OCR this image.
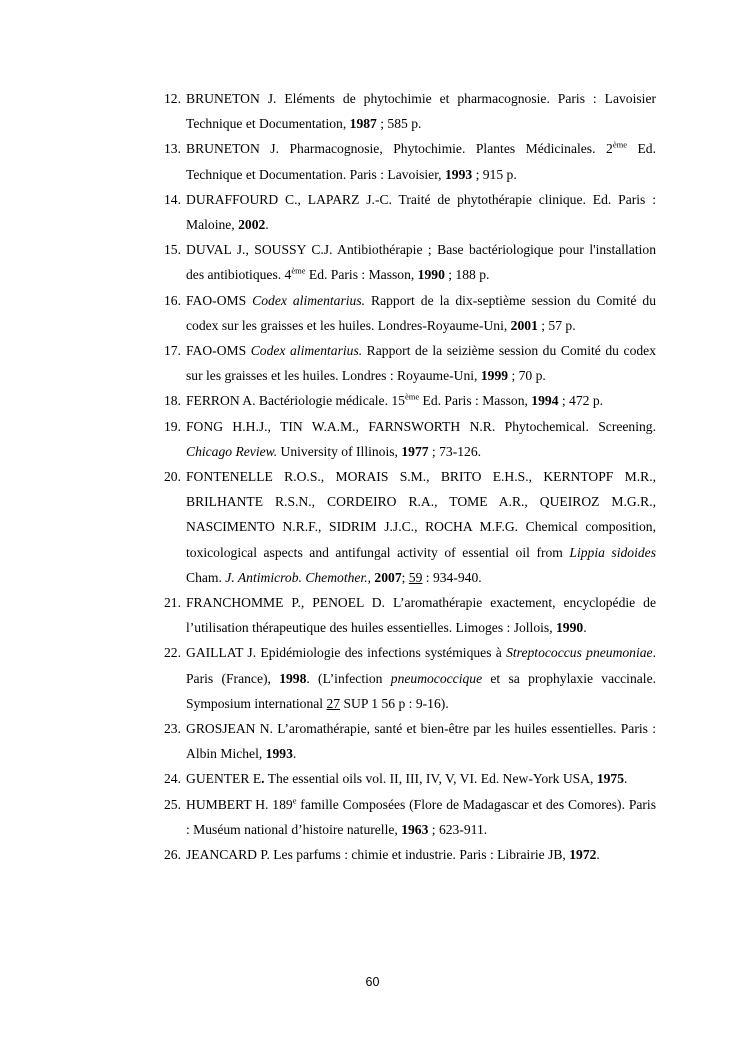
12. BRUNETON J. Eléments de phytochimie et pharmacognosie. Paris : Lavoisier Technique et Documentation, 1987 ; 585 p.
13. BRUNETON J. Pharmacognosie, Phytochimie. Plantes Médicinales. 2ème Ed. Technique et Documentation. Paris : Lavoisier, 1993 ; 915 p.
14. DURAFFOURD C., LAPARZ J.-C. Traité de phytothérapie clinique. Ed. Paris : Maloine, 2002.
15. DUVAL J., SOUSSY C.J. Antibiothérapie ; Base bactériologique pour l'installation des antibiotiques. 4ème Ed. Paris : Masson, 1990 ; 188 p.
16. FAO-OMS Codex alimentarius. Rapport de la dix-septième session du Comité du codex sur les graisses et les huiles. Londres-Royaume-Uni, 2001 ; 57 p.
17. FAO-OMS Codex alimentarius. Rapport de la seizième session du Comité du codex sur les graisses et les huiles. Londres : Royaume-Uni, 1999 ; 70 p.
18. FERRON A. Bactériologie médicale. 15ème Ed. Paris : Masson, 1994 ; 472 p.
19. FONG H.H.J., TIN W.A.M., FARNSWORTH N.R. Phytochemical. Screening. Chicago Review. University of Illinois, 1977 ; 73-126.
20. FONTENELLE R.O.S., MORAIS S.M., BRITO E.H.S., KERNTOPF M.R., BRILHANTE R.S.N., CORDEIRO R.A., TOME A.R., QUEIROZ M.G.R., NASCIMENTO N.R.F., SIDRIM J.J.C., ROCHA M.F.G. Chemical composition, toxicological aspects and antifungal activity of essential oil from Lippia sidoides Cham. J. Antimicrob. Chemother., 2007; 59 : 934-940.
21. FRANCHOMME P., PENOEL D. L’aromathérapie exactement, encyclopédie de l’utilisation thérapeutique des huiles essentielles. Limoges : Jollois, 1990.
22. GAILLAT J. Epidémiologie des infections systémiques à Streptococcus pneumoniae. Paris (France), 1998. (L’infection pneumococcique et sa prophylaxie vaccinale. Symposium international 27 SUP 1 56 p : 9-16).
23. GROSJEAN N. L’aromathérapie, santé et bien-être par les huiles essentielles. Paris : Albin Michel, 1993.
24. GUENTER E. The essential oils vol. II, III, IV, V, VI. Ed. New-York USA, 1975.
25. HUMBERT H. 189e famille Composées (Flore de Madagascar et des Comores). Paris : Muséum national d’histoire naturelle, 1963 ; 623-911.
26. JEANCARD P. Les parfums : chimie et industrie. Paris : Librairie JB, 1972.
60
